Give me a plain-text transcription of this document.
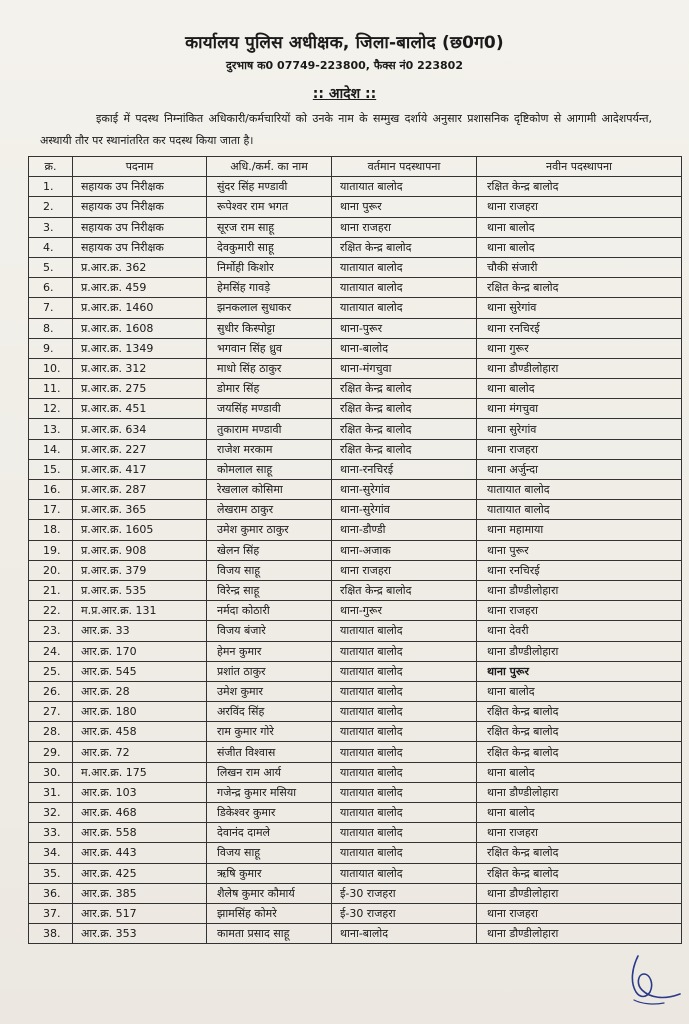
कार्यालय पुलिस अधीक्षक, जिला-बालोद (छ0ग0)
दुरभाष क0 07749-223800, फैक्स नं0 223802
:: आदेश ::
इकाई में पदस्थ निम्नांकित अधिकारी/कर्मचारियों को उनके नाम के सम्मुख दर्शाये अनुसार प्रशासनिक दृष्टिकोण से आगामी आदेशपर्यन्त, अस्थायी तौर पर स्थानांतरित कर पदस्थ किया जाता है।
क्र.	पदनाम	अधि./कर्म. का नाम	वर्तमान पदस्थापना	नवीन पदस्थापना
1.	सहायक उप निरीक्षक	सुंदर सिंह मण्डावी	यातायात बालोद	रक्षित केन्द्र बालोद
2.	सहायक उप निरीक्षक	रूपेश्वर राम भगत	थाना पुरूर	थाना राजहरा
3.	सहायक उप निरीक्षक	सूरज राम साहू	थाना राजहरा	थाना बालोद
4.	सहायक उप निरीक्षक	देवकुमारी साहू	रक्षित केन्द्र बालोद	थाना बालोद
5.	प्र.आर.क्र. 362	निर्मोही किशोर	यातायात बालोद	चौकी संजारी
6.	प्र.आर.क्र. 459	हेमसिंह गावड़े	यातायात बालोद	रक्षित केन्द्र बालोद
7.	प्र.आर.क्र. 1460	झनकलाल सुधाकर	यातायात बालोद	थाना सुरेगांव
8.	प्र.आर.क्र. 1608	सुधीर किस्पोट्टा	थाना-पुरूर	थाना रनचिरई
9.	प्र.आर.क्र. 1349	भगवान सिंह ध्रुव	थाना-बालोद	थाना गुरूर
10.	प्र.आर.क्र. 312	माधो सिंह ठाकुर	थाना-मंगचुवा	थाना डौण्डीलोहारा
11.	प्र.आर.क्र. 275	डोमार सिंह	रक्षित केन्द्र बालोद	थाना बालोद
12.	प्र.आर.क्र. 451	जयसिंह मण्डावी	रक्षित केन्द्र बालोद	थाना मंगचुवा
13.	प्र.आर.क्र. 634	तुकाराम मण्डावी	रक्षित केन्द्र बालोद	थाना सुरेगांव
14.	प्र.आर.क्र. 227	राजेश मरकाम	रक्षित केन्द्र बालोद	थाना राजहरा
15.	प्र.आर.क्र. 417	कोमलाल साहू	थाना-रनचिरई	थाना अर्जुन्दा
16.	प्र.आर.क्र. 287	रेखलाल कोसिमा	थाना-सुरेगांव	यातायात बालोद
17.	प्र.आर.क्र. 365	लेखराम ठाकुर	थाना-सुरेगांव	यातायात बालोद
18.	प्र.आर.क्र. 1605	उमेश कुमार ठाकुर	थाना-डौण्डी	थाना महामाया
19.	प्र.आर.क्र. 908	खेलन सिंह	थाना-अजाक	थाना पुरूर
20.	प्र.आर.क्र. 379	विजय साहू	थाना राजहरा	थाना रनचिरई
21.	प्र.आर.क्र. 535	विरेन्द्र साहू	रक्षित केन्द्र बालोद	थाना डौण्डीलोहारा
22.	म.प्र.आर.क्र. 131	नर्मदा कोठारी	थाना-गुरूर	थाना राजहरा
23.	आर.क्र. 33	विजय बंजारे	यातायात बालोद	थाना देवरी
24.	आर.क्र. 170	हेमन कुमार	यातायात बालोद	थाना डौण्डीलोहारा
25.	आर.क्र. 545	प्रशांत ठाकुर	यातायात बालोद	थाना पुरूर
26.	आर.क्र. 28	उमेश कुमार	यातायात बालोद	थाना बालोद
27.	आर.क्र. 180	अरविंद सिंह	यातायात बालोद	रक्षित केन्द्र बालोद
28.	आर.क्र. 458	राम कुमार गोरे	यातायात बालोद	रक्षित केन्द्र बालोद
29.	आर.क्र. 72	संजीत विश्वास	यातायात बालोद	रक्षित केन्द्र बालोद
30.	म.आर.क्र. 175	लिखन राम आर्य	यातायात बालोद	थाना बालोद
31.	आर.क्र. 103	गजेन्द्र कुमार मसिया	यातायात बालोद	थाना डौण्डीलोहारा
32.	आर.क्र. 468	डिकेश्वर कुमार	यातायात बालोद	थाना बालोद
33.	आर.क्र. 558	देवानंद दामले	यातायात बालोद	थाना राजहरा
34.	आर.क्र. 443	विजय साहू	यातायात बालोद	रक्षित केन्द्र बालोद
35.	आर.क्र. 425	ऋषि कुमार	यातायात बालोद	रक्षित केन्द्र बालोद
36.	आर.क्र. 385	शैलेष कुमार कौमार्य	ई-30 राजहरा	थाना डौण्डीलोहारा
37.	आर.क्र. 517	झामसिंह कोमरे	ई-30 राजहरा	थाना राजहरा
38.	आर.क्र. 353	कामता प्रसाद साहू	थाना-बालोद	थाना डौण्डीलोहारा
